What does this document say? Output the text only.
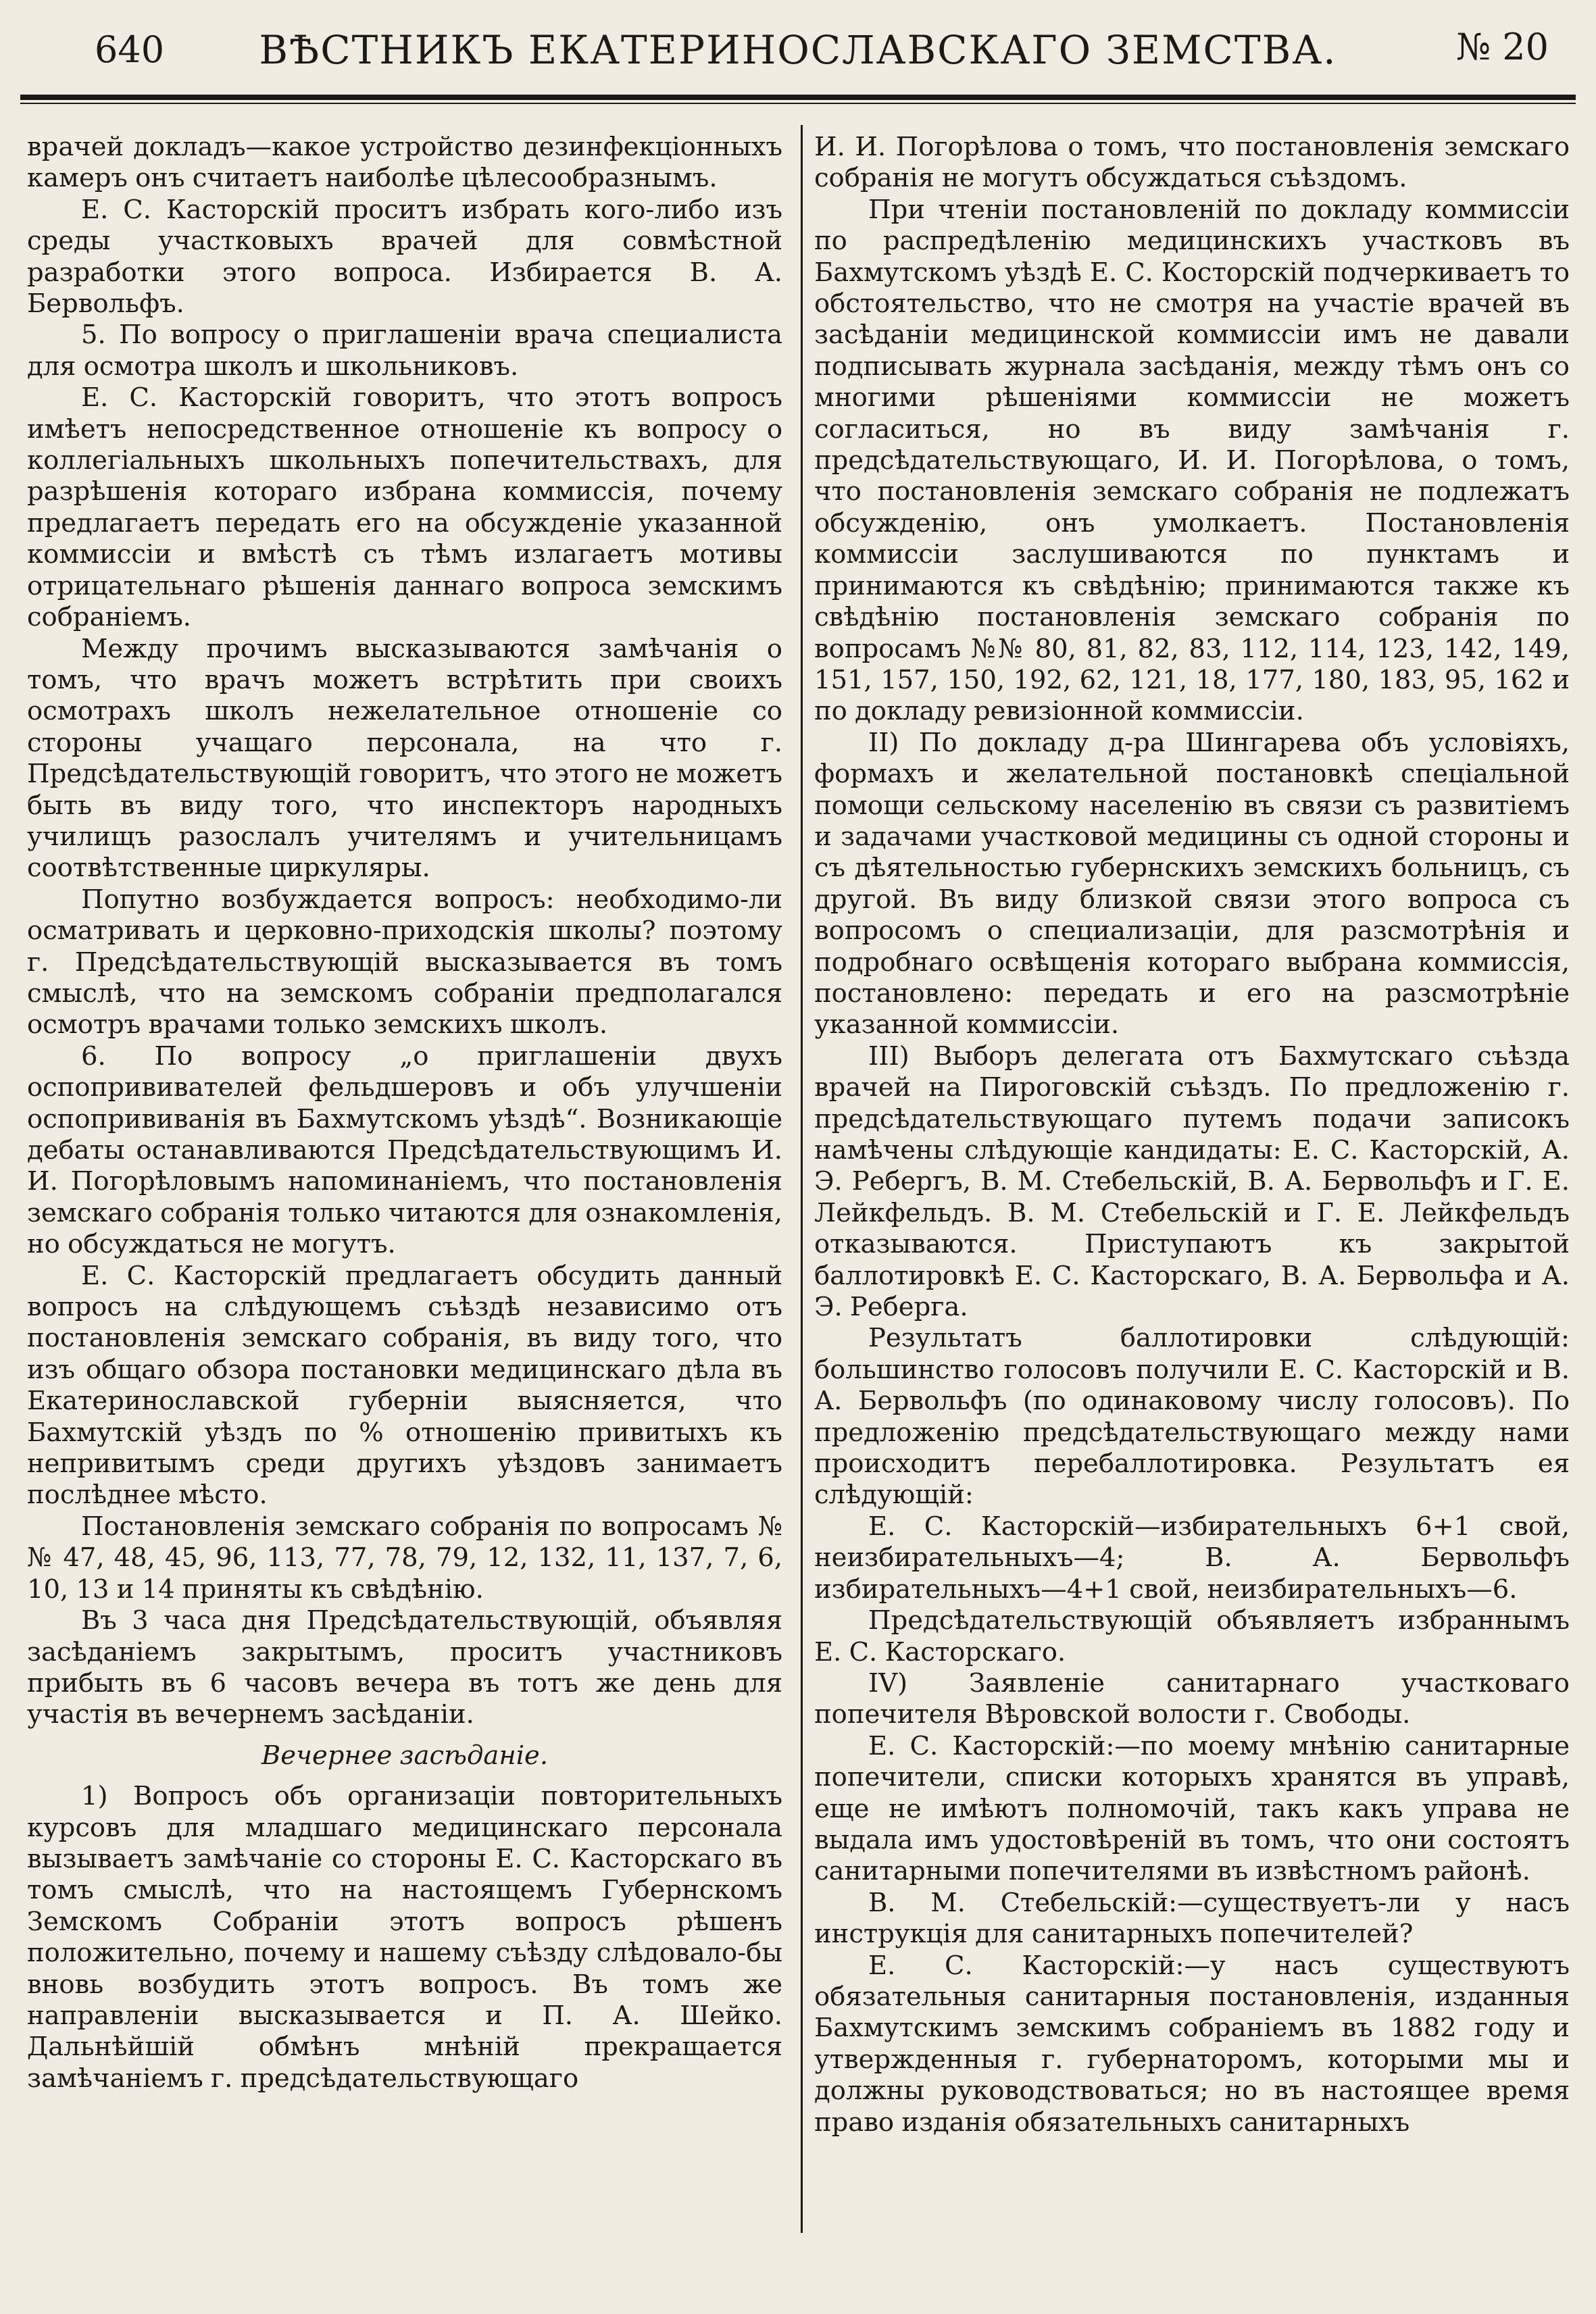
640	ВѢСТНИКЪ ЕКАТЕРИНОСЛАВСКАГО ЗЕМСТВА.	№ 20

врачей докладъ—какое устройство дезинфекціонныхъ камеръ онъ считаетъ наиболѣе цѣлесообразнымъ.

Е. С. Касторскій проситъ избрать кого-либо изъ среды участковыхъ врачей для совмѣстной разработки этого вопроса. Избирается В. А. Бервольфъ.

5. По вопросу о приглашеніи врача специалиста для осмотра школъ и школьниковъ.

Е. С. Касторскій говоритъ, что этотъ вопросъ имѣетъ непосредственное отношеніе къ вопросу о коллегіальныхъ школьныхъ попечительствахъ, для разрѣшенія котораго избрана коммиссія, почему предлагаетъ передать его на обсужденіе указанной коммиссіи и вмѣстѣ съ тѣмъ излагаетъ мотивы отрицательнаго рѣшенія даннаго вопроса земскимъ собраніемъ.

Между прочимъ высказываются замѣчанія о томъ, что врачъ можетъ встрѣтить при своихъ осмотрахъ школъ нежелательное отношеніе со стороны учащаго персонала, на что г. Предсѣдательствующій говоритъ, что этого не можетъ быть въ виду того, что инспекторъ народныхъ училищъ разослалъ учителямъ и учительницамъ соотвѣтственные циркуляры.

Попутно возбуждается вопросъ: необходимо-ли осматривать и церковно-приходскія школы? поэтому г. Предсѣдательствующій высказывается въ томъ смыслѣ, что на земскомъ собраніи предполагался осмотръ врачами только земскихъ школъ.

6. По вопросу „о приглашеніи двухъ оспопрививателей фельдшеровъ и объ улучшеніи оспопрививанія въ Бахмутскомъ уѣздѣ“. Возникающіе дебаты останавливаются Предсѣдательствующимъ И. И. Погорѣловымъ напоминаніемъ, что постановленія земскаго собранія только читаются для ознакомленія, но обсуждаться не могутъ.

Е. С. Касторскій предлагаетъ обсудить данный вопросъ на слѣдующемъ съѣздѣ независимо отъ постановленія земскаго собранія, въ виду того, что изъ общаго обзора постановки медицинскаго дѣла въ Екатеринославской губерніи выясняется, что Бахмутскій уѣздъ по % отношенію привитыхъ къ непривитымъ среди другихъ уѣздовъ занимаетъ послѣднее мѣсто.

Постановленія земскаго собранія по вопросамъ №№ 47, 48, 45, 96, 113, 77, 78, 79, 12, 132, 11, 137, 7, 6, 10, 13 и 14 приняты къ свѣдѣнію.

Въ 3 часа дня Предсѣдательствующій, объявляя засѣданіемъ закрытымъ, проситъ участниковъ прибыть въ 6 часовъ вечера въ тотъ же день для участія въ вечернемъ засѣданіи.

Вечернее засѣданіе.

1) Вопросъ объ организаціи повторительныхъ курсовъ для младшаго медицинскаго персонала вызываетъ замѣчаніе со стороны Е. С. Касторскаго въ томъ смыслѣ, что на настоящемъ Губернскомъ Земскомъ Собраніи этотъ вопросъ рѣшенъ положительно, почему и нашему съѣзду слѣдовало-бы вновь возбудить этотъ вопросъ. Въ томъ же направленіи высказывается и П. А. Шейко. Дальнѣйшій обмѣнъ мнѣній прекращается замѣчаніемъ г. предсѣдательствующаго

И. И. Погорѣлова о томъ, что постановленія земскаго собранія не могутъ обсуждаться съѣздомъ.

При чтеніи постановленій по докладу коммиссіи по распредѣленію медицинскихъ участковъ въ Бахмутскомъ уѣздѣ Е. С. Косторскій подчеркиваетъ то обстоятельство, что не смотря на участіе врачей въ засѣданіи медицинской коммиссіи имъ не давали подписывать журнала засѣданія, между тѣмъ онъ со многими рѣшеніями коммиссіи не можетъ согласиться, но въ виду замѣчанія г. предсѣдательствующаго, И. И. Погорѣлова, о томъ, что постановленія земскаго собранія не подлежатъ обсужденію, онъ умолкаетъ. Постановленія коммиссіи заслушиваются по пунктамъ и принимаются къ свѣдѣнію; принимаются также къ свѣдѣнію постановленія земскаго собранія по вопросамъ №№ 80, 81, 82, 83, 112, 114, 123, 142, 149, 151, 157, 150, 192, 62, 121, 18, 177, 180, 183, 95, 162 и по докладу ревизіонной коммиссіи.

II) По докладу д-ра Шингарева объ условіяхъ, формахъ и желательной постановкѣ спеціальной помощи сельскому населенію въ связи съ развитіемъ и задачами участковой медицины съ одной стороны и съ дѣятельностью губернскихъ земскихъ больницъ, съ другой. Въ виду близкой связи этого вопроса съ вопросомъ о специализаціи, для разсмотрѣнія и подробнаго освѣщенія котораго выбрана коммиссія, постановлено: передать и его на разсмотрѣніе указанной коммиссіи.

III) Выборъ делегата отъ Бахмутскаго съѣзда врачей на Пироговскій съѣздъ. По предложенію г. предсѣдательствующаго путемъ подачи записокъ намѣчены слѣдующіе кандидаты: Е. С. Касторскій, А. Э. Ребергъ, В. М. Стебельскій, В. А. Бервольфъ и Г. Е. Лейкфельдъ. В. М. Стебельскій и Г. Е. Лейкфельдъ отказываются. Приступаютъ къ закрытой баллотировкѣ Е. С. Касторскаго, В. А. Бервольфа и А. Э. Реберга.

Результатъ баллотировки слѣдующій: большинство голосовъ получили Е. С. Касторскій и В. А. Бервольфъ (по одинаковому числу голосовъ). По предложенію предсѣдательствующаго между нами происходитъ перебаллотировка. Результатъ ея слѣдующій:

Е. С. Касторскій—избирательныхъ 6+1 свой, неизбирательныхъ—4; В. А. Бервольфъ избирательныхъ—4+1 свой, неизбирательныхъ—6.

Предсѣдательствующій объявляетъ избраннымъ Е. С. Касторскаго.

IV) Заявленіе санитарнаго участковаго попечителя Вѣровской волости г. Свободы.

Е. С. Касторскій:—по моему мнѣнію санитарные попечители, списки которыхъ хранятся въ управѣ, еще не имѣютъ полномочій, такъ какъ управа не выдала имъ удостовѣреній въ томъ, что они состоятъ санитарными попечителями въ извѣстномъ районѣ.

В. М. Стебельскій:—существуетъ-ли у насъ инструкція для санитарныхъ попечителей?

Е. С. Касторскій:—у насъ существуютъ обязательныя санитарныя постановленія, изданныя Бахмутскимъ земскимъ собраніемъ въ 1882 году и утвержденныя г. губернаторомъ, которыми мы и должны руководствоваться; но въ настоящее время право изданія обязательныхъ санитарныхъ
